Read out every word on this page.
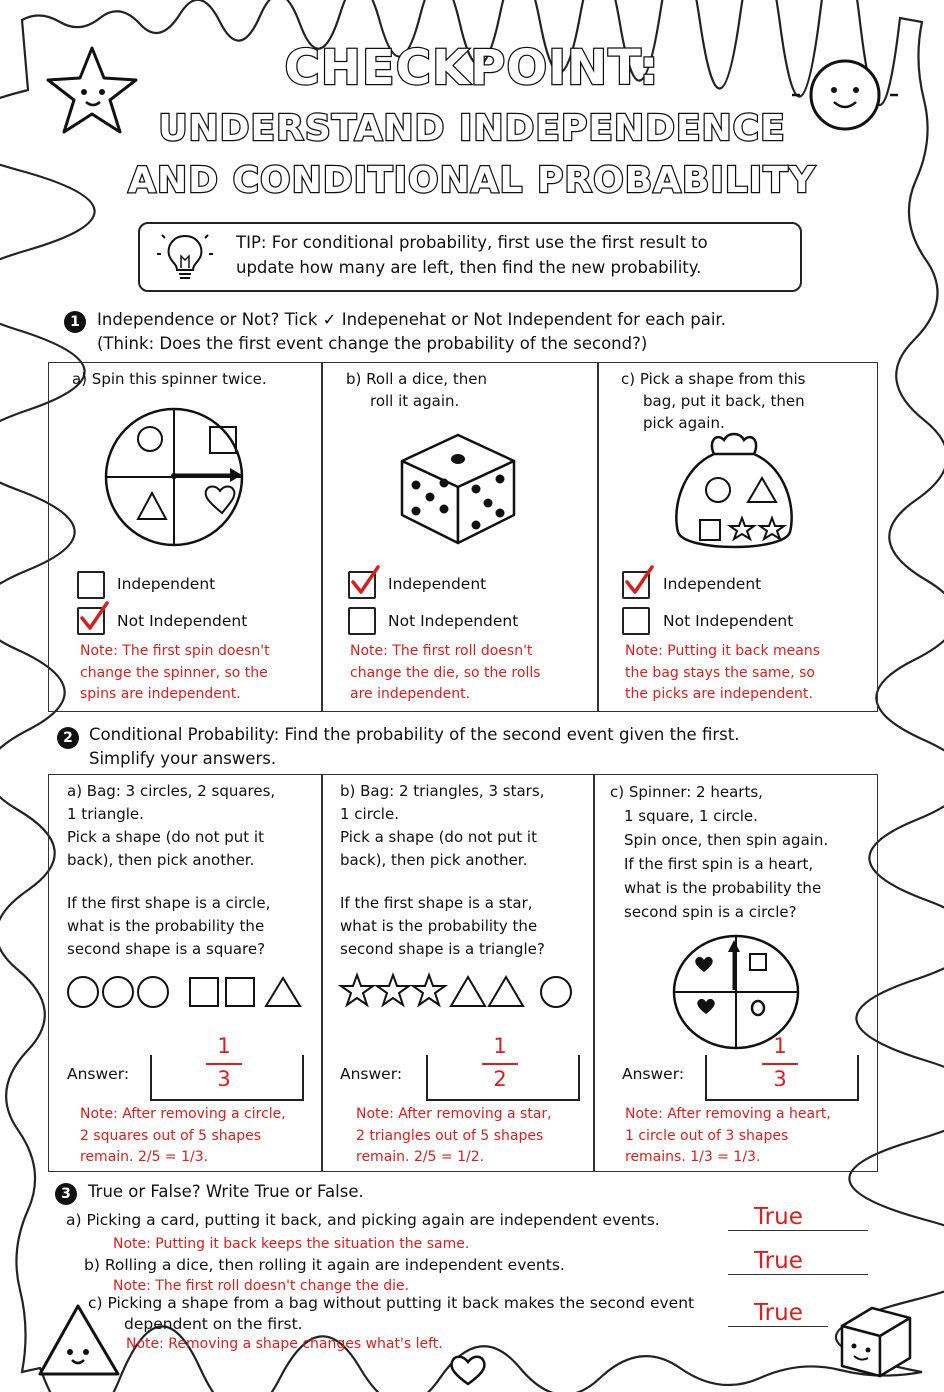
CHECKPOINT:
UNDERSTAND INDEPENDENCE
AND CONDITIONAL PROBABILITY
TIP: For conditional probability, first use the first result to
update how many are left, then find the new probability.
1	Independence or Not? Tick ✓ Indepenehat or Not Independent for each pair.
(Think: Does the first event change the probability of the second?)
a) Spin this spinner twice.
Independent
Not Independent
Note: The first spin doesn't
change the spinner, so the
spins are independent.
b) Roll a dice, then
roll it again.
Independent
Not Independent
Note: The first roll doesn't
change the die, so the rolls
are independent.
c) Pick a shape from this
bag, put it back, then
pick again.
Independent
Not Independent
Note: Putting it back means
the bag stays the same, so
the picks are independent.
2 Conditional Probability: Find the probability of the second event given the first.
Simplify your answers.
a) Bag: 3 circles, 2 squares,
1 triangle.
Pick a shape (do not put it
back), then pick another.
If the first shape is a circle,
what is the probability the
second shape is a square?
Answer:
1
3
Note: After removing a circle,
2 squares out of 5 shapes
remain. 2/5 = 1/3.
b) Bag: 2 triangles, 3 stars,
1 circle.
Pick a shape (do not put it
back), then pick another.
If the first shape is a star,
what is the probability the
second shape is a triangle?
Answer:
1
2
Note: After removing a star,
2 triangles out of 5 shapes
remain. 2/5 = 1/2.
c) Spinner: 2 hearts,
1 square, 1 circle.
Spin once, then spin again.
If the first spin is a heart,
what is the probability the
second spin is a circle?
Answer:
1
3
Note: After removing a heart,
1 circle out of 3 shapes
remains. 1/3 = 1/3.
3	True or False? Write True or False.
a) Picking a card, putting it back, and picking again are independent events.
Note: Putting it back keeps the situation the same.
True
b) Rolling a dice, then rolling it again are independent events.
Note: The first roll doesn't change the die.
True
c) Picking a shape from a bag without putting it back makes the second event
dependent on the first.
Note: Removing a shape changes what's left.
True
